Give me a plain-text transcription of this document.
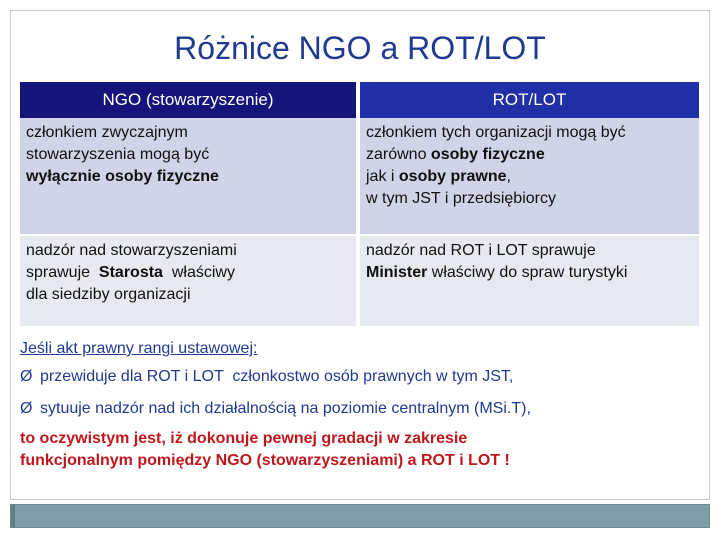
Różnice NGO a ROT/LOT
NGO (stowarzyszenie)	ROT/LOT
członkiem zwyczajnym
stowarzyszenia mogą być
wyłącznie osoby fizyczne
członkiem tych organizacji mogą być
zarówno osoby fizyczne
jak i osoby prawne,
w tym JST i przedsiębiorcy
nadzór nad stowarzyszeniami
sprawuje  Starosta  właściwy
dla siedziby organizacji
nadzór nad ROT i LOT sprawuje
Minister właściwy do spraw turystyki
Jeśli akt prawny rangi ustawowej:
Ø przewiduje dla ROT i LOT  członkostwo osób prawnych w tym JST,
Ø sytuuje nadzór nad ich działalnością na poziomie centralnym (MSi.T),
to oczywistym jest, iż dokonuje pewnej gradacji w zakresie
funkcjonalnym pomiędzy NGO (stowarzyszeniami) a ROT i LOT !
